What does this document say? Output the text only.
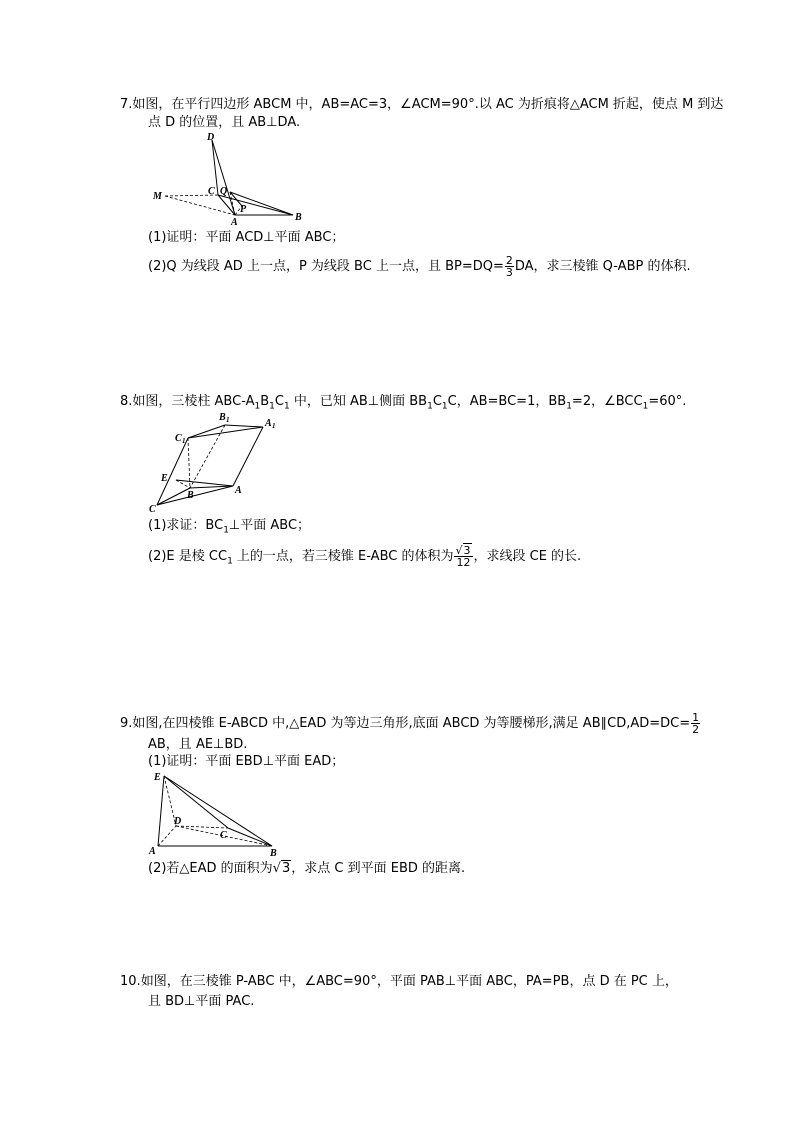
7.如图，在平行四边形 ABCM 中，AB=AC=3，∠ACM=90°.以 AC 为折痕将△ACM 折起，使点 M 到达
点 D 的位置，且 AB⊥DA.
D
M	C Q
P
A	B
(1)证明：平面 ACD⊥平面 ABC；
(2)Q 为线段 AD 上一点，P 为线段 BC 上一点，且 $BP=DQ= \frac{2}{3}$ DA，求三棱锥 Q-ABP 的体积.
8.如图，三棱柱 ABC-$A_1B_1C_1$ 中，已知 AB⊥侧面 $BB_1C_1C$，AB=BC=1，$BB_1=2$，$\angle BCC_1=60^\circ$.
B 1	A 1
C 1
E
B	A
C
(1)求证：$BC_1\perp$平面 ABC；
(2)E 是棱 $CC_1$ 上的一点，若三棱锥 E-ABC 的体积为 $\frac{√3}{12}$ ，求线段 CE 的长.
9.如图,在四棱锥 E-ABCD 中,△EAD 为等边三角形,底面 ABCD 为等腰梯形,满足 AB∥CD,AD=DC= $\frac{1}{2}$
AB，且 AE⊥BD.
(1)证明：平面 EBD⊥平面 EAD；
E
D
C
A	B
(2)若△EAD 的面积为√3，求点 C 到平面 EBD 的距离.
10.如图，在三棱锥 P-ABC 中，∠ABC=90°，平面 PAB⊥平面 ABC，PA=PB，点 D 在 PC 上，
且 BD⊥平面 PAC.
